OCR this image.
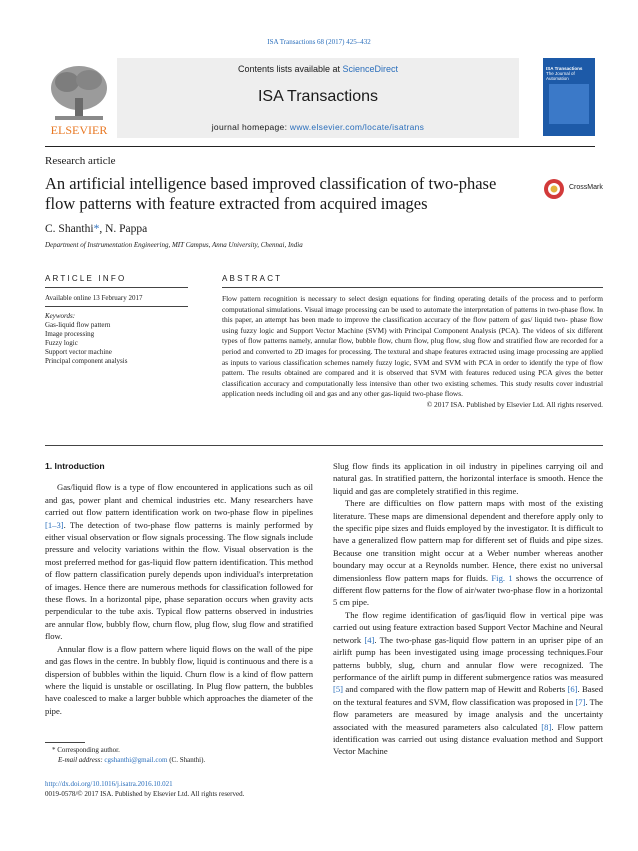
ISA Transactions 68 (2017) 425–432
ELSEVIER
Contents lists available at ScienceDirect
ISA Transactions
journal homepage: www.elsevier.com/locate/isatrans
ISA Transactions
The Journal of Automation
Research article
An artificial intelligence based improved classification of two-phase flow patterns with feature extracted from acquired images
CrossMark
C. Shanthi*, N. Pappa
Department of Instrumentation Engineering, MIT Campus, Anna University, Chennai, India
ARTICLE INFO
Available online 13 February 2017
Keywords:
Gas-liquid flow pattern
Image processing
Fuzzy logic
Support vector machine
Principal component analysis
ABSTRACT
Flow pattern recognition is necessary to select design equations for finding operating details of the process and to perform computational simulations. Visual image processing can be used to automate the interpretation of patterns in two-phase flow. In this paper, an attempt has been made to improve the classification accuracy of the flow pattern of gas/ liquid two- phase flow using fuzzy logic and Support Vector Machine (SVM) with Principal Component Analysis (PCA). The videos of six different types of flow patterns namely, annular flow, bubble flow, churn flow, plug flow, slug flow and stratified flow are recorded for a period and converted to 2D images for processing. The textural and shape features extracted using image processing are applied as inputs to various classification schemes namely fuzzy logic, SVM and SVM with PCA in order to identify the type of flow pattern. The results obtained are compared and it is observed that SVM with features reduced using PCA gives the better classification accuracy and computationally less intensive than other two existing schemes. This study results cover industrial application needs including oil and gas and any other gas-liquid two-phase flows.
© 2017 ISA. Published by Elsevier Ltd. All rights reserved.

1. Introduction

Gas/liquid flow is a type of flow encountered in applications such as oil and gas, power plant and chemical industries etc. Many researchers have carried out flow pattern identification work on two-phase flow in pipelines [1–3]. The detection of two-phase flow patterns is mainly performed by either visual observation or flow signals processing. The flow signals include pressure and velocity variations within the flow. Visual observation is the most preferred method for gas-liquid flow pattern identification. This method of flow pattern classification purely depends upon individual's interpretation of images. Hence there are numerous methods for classification followed for these flows. In a horizontal pipe, phase separation occurs when gravity acts perpendicular to the tube axis. Typical flow patterns observed in industries are annular flow, bubbly flow, churn flow, plug flow, slug flow and stratified flow.

Annular flow is a flow pattern where liquid flows on the wall of the pipe and gas flows in the centre. In bubbly flow, liquid is continuous and there is a dispersion of bubbles within the liquid. Churn flow is a kind of flow pattern where the liquid is unstable or oscillating. In Plug flow pattern, the bubbles have coalesced to make a larger bubble which approaches the diameter of the pipe.

* Corresponding author.
E-mail address: cgshanthi@gmail.com (C. Shanthi).

Slug flow finds its application in oil industry in pipelines carrying oil and natural gas. In stratified pattern, the horizontal interface is smooth. Hence the liquid and gas are completely stratified in this regime.

There are difficulties on flow pattern maps with most of the existing literature. These maps are dimensional dependent and therefore apply only to the specific pipe sizes and fluids employed by the investigator. It is difficult to have a generalized flow pattern map for different set of fluids and pipe sizes. Because one transition might occur at a Weber number whereas another boundary may occur at a Reynolds number. Hence, there exist no universal dimensionless flow pattern maps for fluids. Fig. 1 shows the occurrence of different flow patterns for the flow of air/water two-phase flow in a horizontal 5 cm pipe.

The flow regime identification of gas/liquid flow in vertical pipe was carried out using feature extraction based Support Vector Machine and Neural network [4]. The two-phase gas-liquid flow pattern in an upriser pipe of an airlift pump has been investigated using image processing techniques.Four patterns bubbly, slug, churn and annular flow were recognized. The performance of the airlift pump in different submergence ratios was measured [5] and compared with the flow pattern map of Hewitt and Roberts [6]. Based on the textural features and SVM, flow classification was proposed in [7]. The flow parameters are measured by image analysis and the uncertainty associated with the measured parameters also calculated [8]. Flow pattern identification was carried out using distance evaluation method and Support Vector Machine

http://dx.doi.org/10.1016/j.isatra.2016.10.021
0019-0578/© 2017 ISA. Published by Elsevier Ltd. All rights reserved.
